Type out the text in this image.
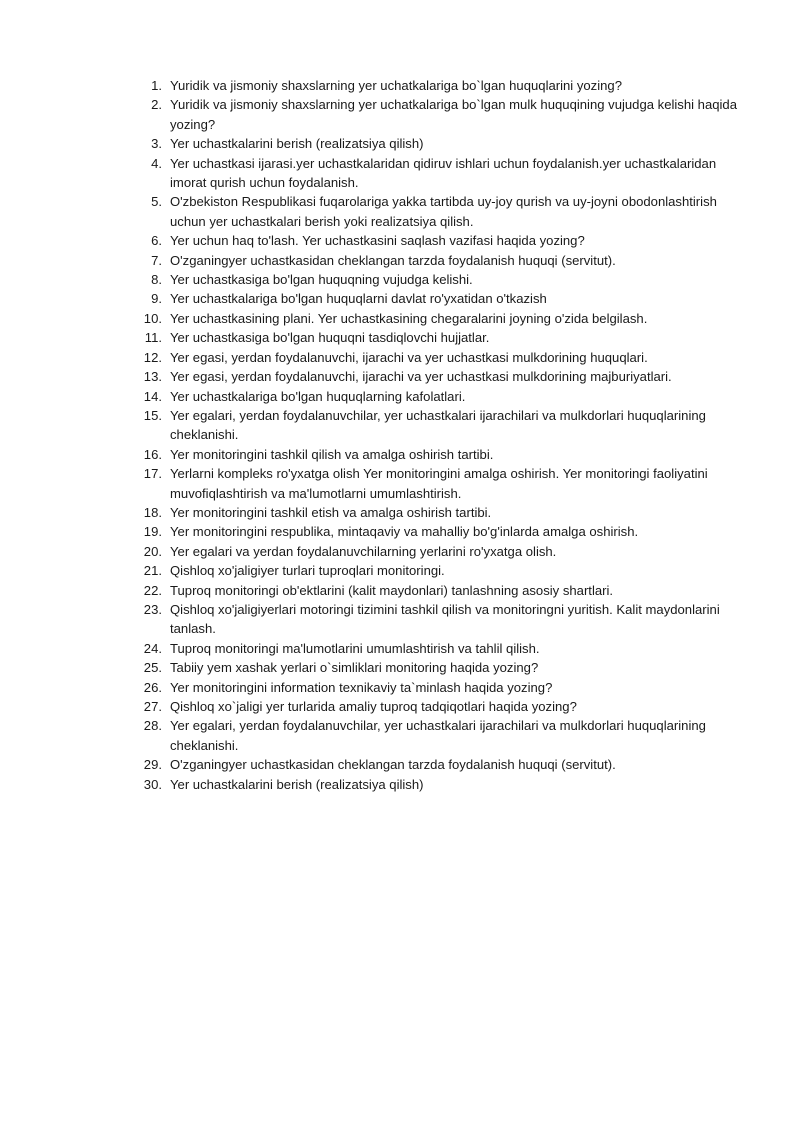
1. Yuridik va jismoniy shaxslarning yer uchatkalariga bo`lgan huquqlarini yozing?
2. Yuridik va jismoniy shaxslarning yer uchatkalariga bo`lgan mulk huquqining vujudga kelishi haqida yozing?
3. Yer uchastkalarini berish (realizatsiya qilish)
4. Yer uchastkasi ijarasi.yer uchastkalaridan qidiruv ishlari uchun foydalanish.yer uchastkalaridan imorat qurish uchun foydalanish.
5. O'zbekiston Respublikasi fuqarolariga yakka tartibda uy-joy qurish va uy-joyni obodonlashtirish uchun yer uchastkalari berish yoki realizatsiya qilish.
6. Yer uchun haq to'lash. Yer uchastkasini saqlash vazifasi haqida yozing?
7. O'zganingyer uchastkasidan cheklangan tarzda foydalanish huquqi (servitut).
8. Yer uchastkasiga bo'lgan huquqning vujudga kelishi.
9. Yer uchastkalariga bo'lgan huquqlarni davlat ro'yxatidan o'tkazish
10. Yer uchastkasining plani. Yer uchastkasining chegaralarini joyning o'zida belgilash.
11. Yer uchastkasiga bo'lgan huquqni tasdiqlovchi hujjatlar.
12. Yer egasi, yerdan foydalanuvchi, ijarachi va yer uchastkasi mulkdorining huquqlari.
13. Yer egasi, yerdan foydalanuvchi, ijarachi va yer uchastkasi mulkdorining majburiyatlari.
14. Yer uchastkalariga bo'lgan huquqlarning kafolatlari.
15. Yer egalari, yerdan foydalanuvchilar, yer uchastkalari ijarachilari va mulkdorlari huquqlarining cheklanishi.
16. Yer monitoringini tashkil qilish va amalga oshirish tartibi.
17. Yerlarni kompleks ro'yxatga olish Yer monitoringini amalga oshirish. Yer monitoringi faoliyatini muvofiqlashtirish va ma'lumotlarni umumlashtirish.
18. Yer monitoringini tashkil etish va amalga oshirish tartibi.
19. Yer monitoringini respublika, mintaqaviy va mahalliy bo'g'inlarda amalga oshirish.
20. Yer egalari va yerdan foydalanuvchilarning yerlarini ro'yxatga olish.
21. Qishloq xo'jaligiyer turlari tuproqlari monitoringi.
22. Tuproq monitoringi ob'ektlarini (kalit maydonlari) tanlashning asosiy shartlari.
23. Qishloq xo'jaligiyerlari motoringi tizimini tashkil qilish va monitoringni yuritish. Kalit maydonlarini tanlash.
24. Tuproq monitoringi ma'lumotlarini umumlashtirish va tahlil qilish.
25. Tabiiy yem xashak yerlari o`simliklari monitoring haqida yozing?
26. Yer monitoringini information texnikaviy ta`minlash haqida yozing?
27. Qishloq xo`jaligi yer turlarida amaliy tuproq tadqiqotlari haqida yozing?
28. Yer egalari, yerdan foydalanuvchilar, yer uchastkalari ijarachilari va mulkdorlari huquqlarining cheklanishi.
29. O'zganingyer uchastkasidan cheklangan tarzda foydalanish huquqi (servitut).
30. Yer uchastkalarini berish (realizatsiya qilish)
